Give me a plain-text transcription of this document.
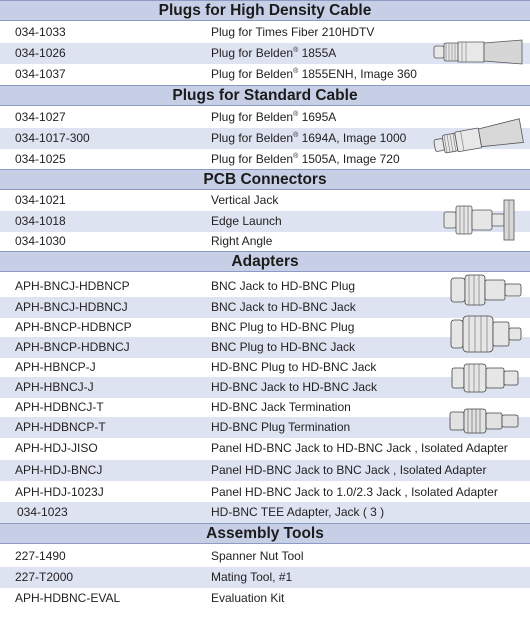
Plugs for High Density Cable
034-1033	Plug for Times Fiber 210HDTV
034-1026	Plug for Belden® 1855A
034-1037	Plug for Belden® 1855ENH, Image 360
Plugs for Standard Cable
034-1027	Plug for Belden® 1695A
034-1017-300	Plug for Belden® 1694A, Image 1000
034-1025	Plug for Belden® 1505A, Image 720
PCB Connectors
034-1021	Vertical Jack
034-1018	Edge Launch
034-1030	Right Angle
Adapters
APH-BNCJ-HDBNCP	BNC Jack to HD-BNC Plug
APH-BNCJ-HDBNCJ	BNC Jack to HD-BNC Jack
APH-BNCP-HDBNCP	BNC Plug to HD-BNC Plug
APH-BNCP-HDBNCJ	BNC Plug to HD-BNC Jack
APH-HBNCP-J	HD-BNC Plug to HD-BNC Jack
APH-HBNCJ-J	HD-BNC Jack to HD-BNC Jack
APH-HDBNCJ-T	HD-BNC Jack Termination
APH-HDBNCP-T	HD-BNC Plug Termination
APH-HDJ-JISO	Panel HD-BNC Jack to HD-BNC Jack , Isolated Adapter
APH-HDJ-BNCJ	Panel HD-BNC Jack to BNC Jack , Isolated Adapter
APH-HDJ-1023J	Panel HD-BNC Jack to 1.0/2.3 Jack , Isolated Adapter
034-1023	HD-BNC TEE Adapter, Jack ( 3 )
Assembly Tools
227-1490	Spanner Nut Tool
227-T2000	Mating Tool, #1
APH-HDBNC-EVAL	Evaluation Kit
